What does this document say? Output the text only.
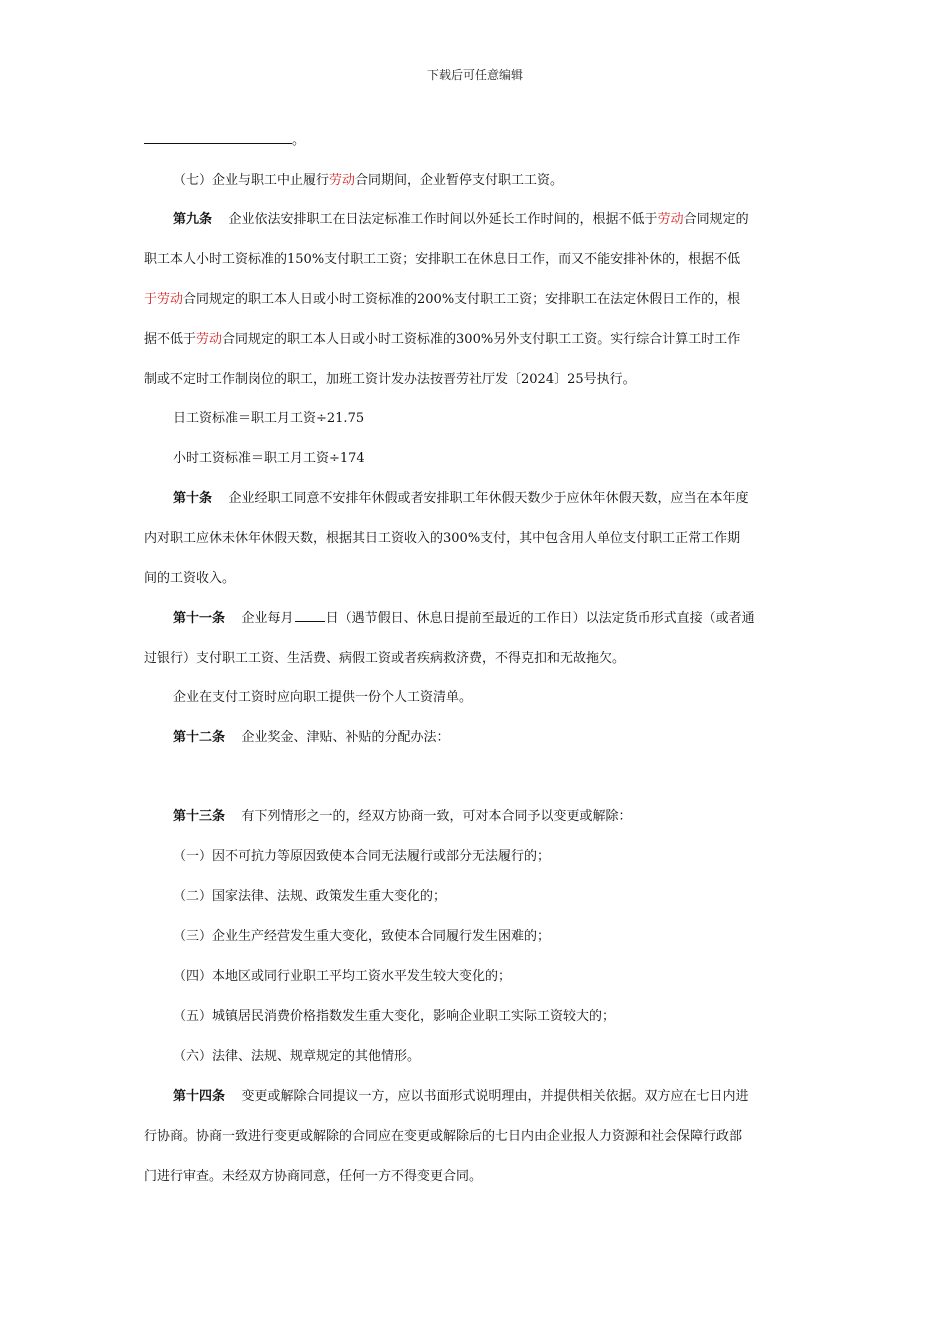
下载后可任意编辑
。
（七）企业与职工中止履行劳动合同期间，企业暂停支付职工工资。
第九条 企业依法安排职工在日法定标准工作时间以外延长工作时间的，根据不低于劳动合同规定的
职工本人小时工资标准的150%支付职工工资；安排职工在休息日工作，而又不能安排补休的，根据不低
于劳动合同规定的职工本人日或小时工资标准的200%支付职工工资；安排职工在法定休假日工作的，根
据不低于劳动合同规定的职工本人日或小时工资标准的300%另外支付职工工资。实行综合计算工时工作
制或不定时工作制岗位的职工，加班工资计发办法按晋劳社厅发〔2024〕25号执行。
日工资标准＝职工月工资÷21.75
小时工资标准＝职工月工资÷174
第十条 企业经职工同意不安排年休假或者安排职工年休假天数少于应休年休假天数，应当在本年度
内对职工应休未休年休假天数，根据其日工资收入的300%支付，其中包含用人单位支付职工正常工作期
间的工资收入。
第十一条 企业每月 日（遇节假日、休息日提前至最近的工作日）以法定货币形式直接（或者通
过银行）支付职工工资、生活费、病假工资或者疾病救济费，不得克扣和无故拖欠。
企业在支付工资时应向职工提供一份个人工资清单。
第十二条 企业奖金、津贴、补贴的分配办法：
第十三条 有下列情形之一的，经双方协商一致，可对本合同予以变更或解除：
（一）因不可抗力等原因致使本合同无法履行或部分无法履行的；
（二）国家法律、法规、政策发生重大变化的；
（三）企业生产经营发生重大变化，致使本合同履行发生困难的；
（四）本地区或同行业职工平均工资水平发生较大变化的；
（五）城镇居民消费价格指数发生重大变化，影响企业职工实际工资较大的；
（六）法律、法规、规章规定的其他情形。
第十四条 变更或解除合同提议一方，应以书面形式说明理由，并提供相关依据。双方应在七日内进
行协商。协商一致进行变更或解除的合同应在变更或解除后的七日内由企业报人力资源和社会保障行政部
门进行审查。未经双方协商同意，任何一方不得变更合同。
